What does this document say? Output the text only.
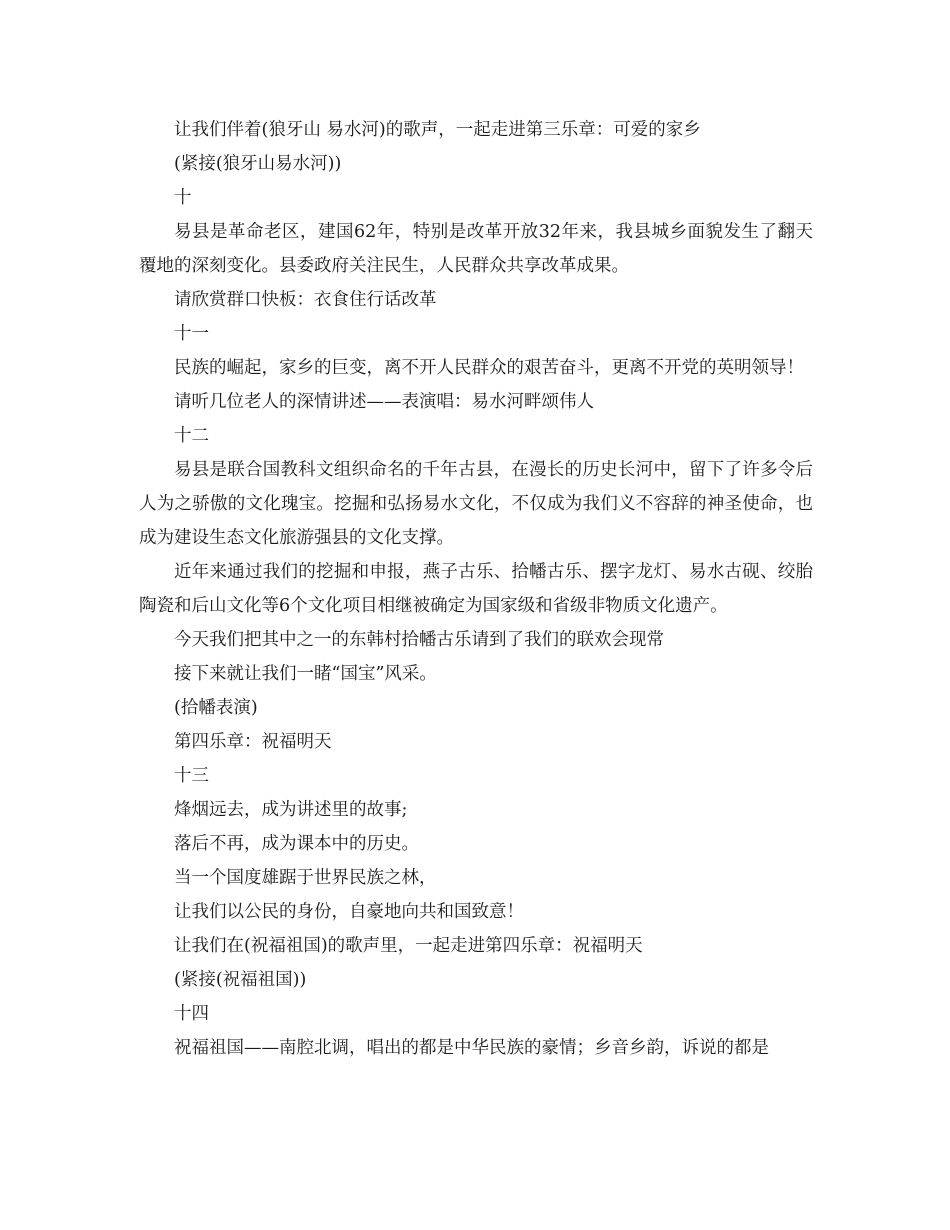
让我们伴着(狼牙山 易水河)的歌声，一起走进第三乐章：可爱的家乡
(紧接(狼牙山易水河))
十

易县是革命老区，建国62年，特别是改革开放32年来，我县城乡面貌发生了翻天覆地的深刻变化。县委政府关注民生，人民群众共享改革成果。

请欣赏群口快板：衣食住行话改革
十一

民族的崛起，家乡的巨变，离不开人民群众的艰苦奋斗，更离不开党的英明领导！

请听几位老人的深情讲述——表演唱：易水河畔颂伟人
十二

易县是联合国教科文组织命名的千年古县，在漫长的历史长河中，留下了许多令后人为之骄傲的文化瑰宝。挖掘和弘扬易水文化，不仅成为我们义不容辞的神圣使命，也成为建设生态文化旅游强县的文化支撑。

近年来通过我们的挖掘和申报，燕子古乐、拾幡古乐、摆字龙灯、易水古砚、绞胎陶瓷和后山文化等6个文化项目相继被确定为国家级和省级非物质文化遗产。

今天我们把其中之一的东韩村拾幡古乐请到了我们的联欢会现常
接下来就让我们一睹“国宝”风采。
(拾幡表演)
第四乐章：祝福明天
十三
烽烟远去，成为讲述里的故事;
落后不再，成为课本中的历史。
当一个国度雄踞于世界民族之林，
让我们以公民的身份，自豪地向共和国致意！
让我们在(祝福祖国)的歌声里，一起走进第四乐章：祝福明天
(紧接(祝福祖国))
十四
祝福祖国——南腔北调，唱出的都是中华民族的豪情；乡音乡韵，诉说的都是
